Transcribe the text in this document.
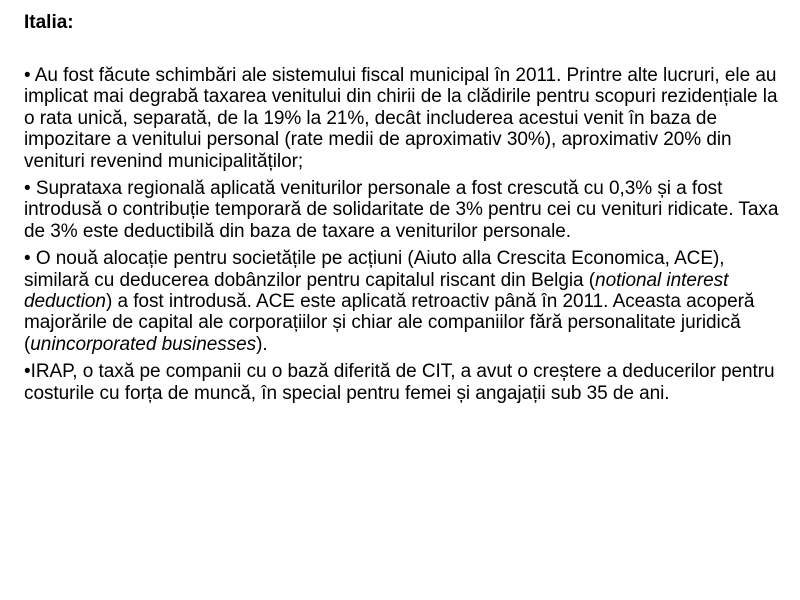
Italia:

• Au fost făcute schimbări ale sistemului fiscal municipal în 2011. Printre alte lucruri, ele au implicat mai degrabă taxarea venitului din chirii de la clădirile pentru scopuri rezidențiale la o rata unică, separată, de la 19% la 21%, decât includerea acestui venit în baza de impozitare a venitului personal (rate medii de aproximativ 30%), aproximativ 20% din venituri revenind municipalităților;

• Suprataxa regională aplicată veniturilor personale a fost crescută cu 0,3% și a fost introdusă o contribuție temporară de solidaritate de 3% pentru cei cu venituri ridicate. Taxa de 3% este deductibilă din baza de taxare a veniturilor personale.

• O nouă alocație pentru societățile pe acțiuni (Aiuto alla Crescita Economica, ACE), similară cu deducerea dobânzilor pentru capitalul riscant din Belgia (notional interest deduction) a fost introdusă. ACE este aplicată retroactiv până în 2011. Aceasta acoperă majorările de capital ale corporațiilor și chiar ale companiilor fără personalitate juridică (unincorporated businesses).

•IRAP, o taxă pe companii cu o bază diferită de CIT, a avut o creștere a deducerilor pentru costurile cu forța de muncă, în special pentru femei și angajații sub 35 de ani.
